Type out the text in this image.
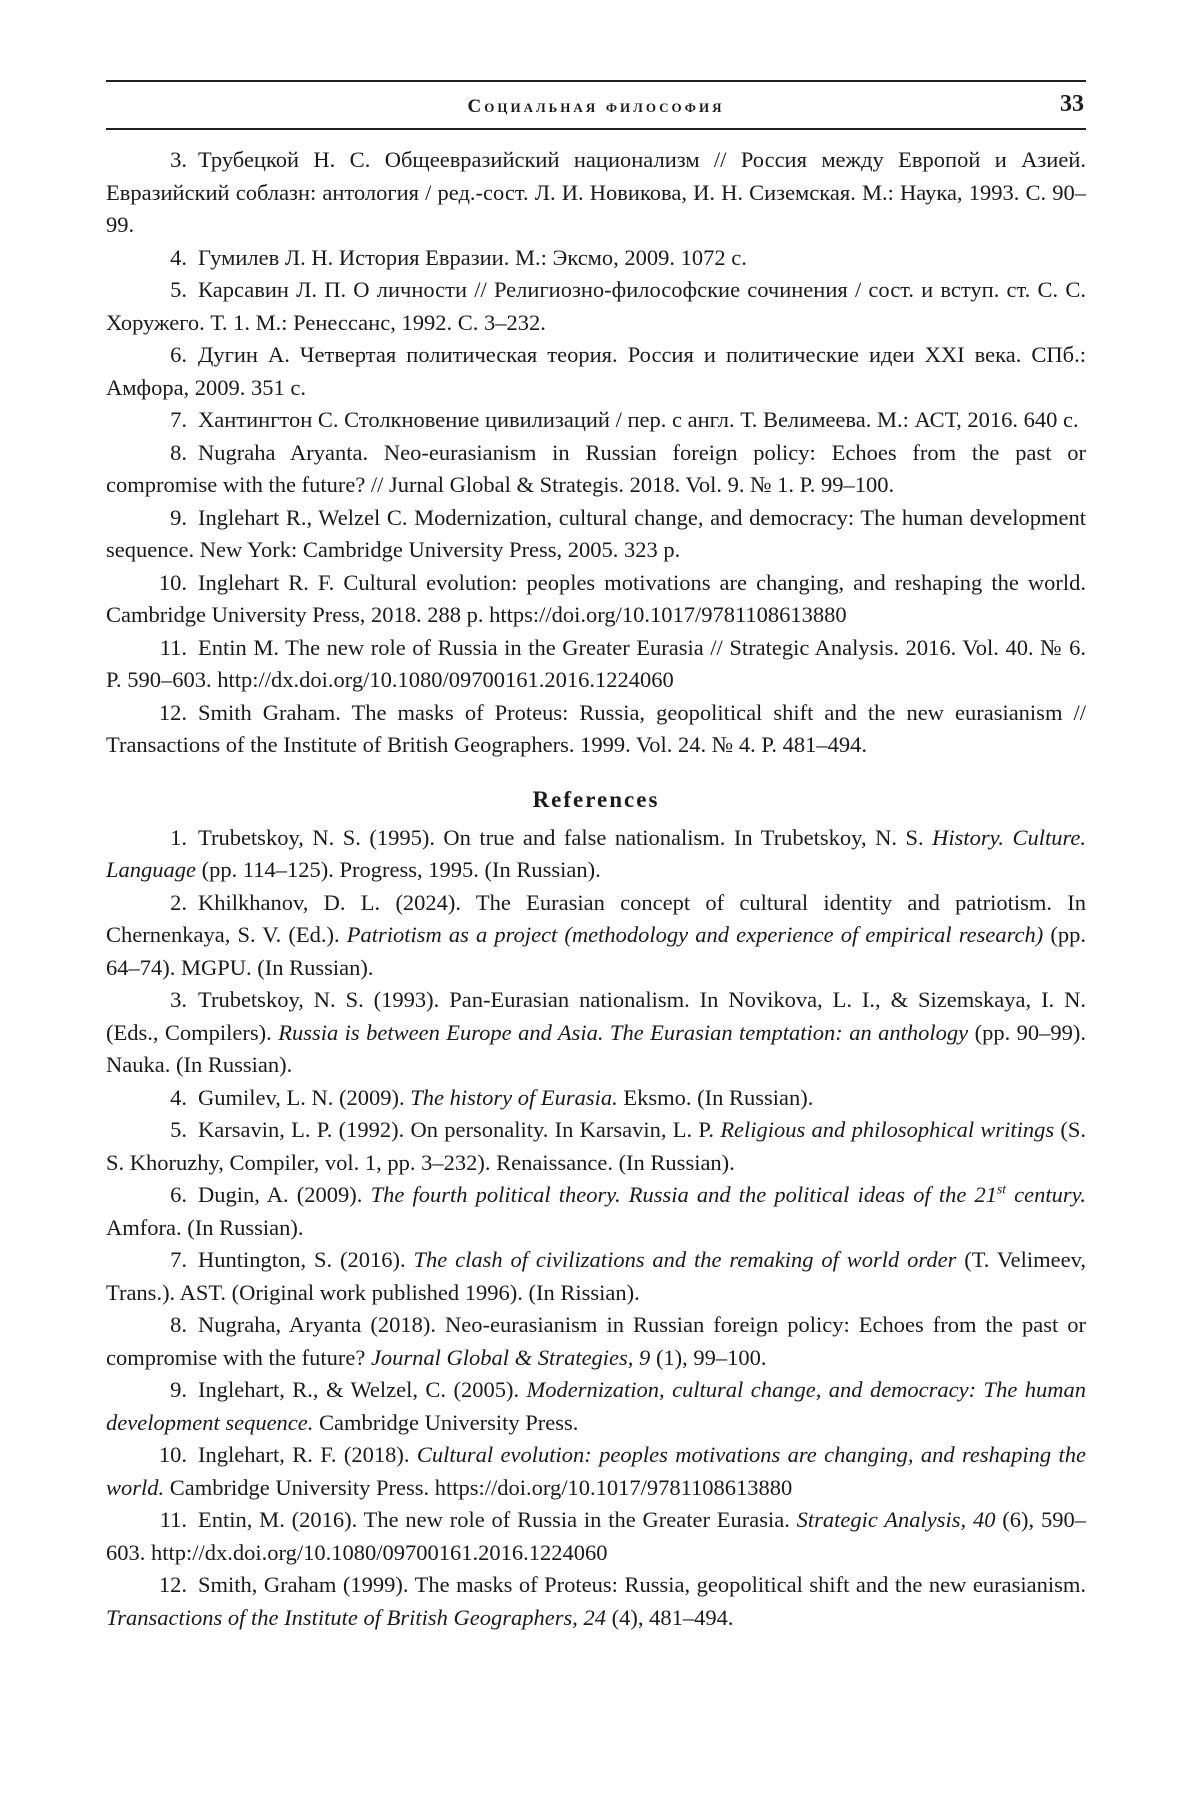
Социальная философия	33
3. Трубецкой Н. С. Общеевразийский национализм // Россия между Европой и Азией. Евразийский соблазн: антология / ред.-сост. Л. И. Новикова, И. Н. Сиземская. М.: Наука, 1993. С. 90–99.
4. Гумилев Л. Н. История Евразии. М.: Эксмо, 2009. 1072 с.
5. Карсавин Л. П. О личности // Религиозно-философские сочинения / сост. и вступ. ст. С. С. Хоружего. Т. 1. М.: Ренессанс, 1992. С. 3–232.
6. Дугин А. Четвертая политическая теория. Россия и политические идеи XXI века. СПб.: Амфора, 2009. 351 с.
7. Хантингтон С. Столкновение цивилизаций / пер. с англ. Т. Велимеева. М.: АСТ, 2016. 640 с.
8. Nugraha Aryanta. Neo-eurasianism in Russian foreign policy: Echoes from the past or compromise with the future? // Jurnal Global & Strategis. 2018. Vol. 9. № 1. P. 99–100.
9. Inglehart R., Welzel C. Modernization, cultural change, and democracy: The human development sequence. New York: Cambridge University Press, 2005. 323 p.
10. Inglehart R. F. Cultural evolution: peoples motivations are changing, and reshaping the world. Cambridge University Press, 2018. 288 p. https://doi.org/10.1017/9781108613880
11. Entin M. The new role of Russia in the Greater Eurasia // Strategic Analysis. 2016. Vol. 40. № 6. P. 590–603. http://dx.doi.org/10.1080/09700161.2016.1224060
12. Smith Graham. The masks of Proteus: Russia, geopolitical shift and the new eurasianism // Transactions of the Institute of British Geographers. 1999. Vol. 24. № 4. P. 481–494.
References
1. Trubetskoy, N. S. (1995). On true and false nationalism. In Trubetskoy, N. S. History. Culture. Language (pp. 114–125). Progress, 1995. (In Russian).
2. Khilkhanov, D. L. (2024). The Eurasian concept of cultural identity and patriotism. In Chernenkaya, S. V. (Ed.). Patriotism as a project (methodology and experience of empirical research) (pp. 64–74). MGPU. (In Russian).
3. Trubetskoy, N. S. (1993). Pan-Eurasian nationalism. In Novikova, L. I., & Sizemskaya, I. N. (Eds., Compilers). Russia is between Europe and Asia. The Eurasian temptation: an anthology (pp. 90–99). Nauka. (In Russian).
4. Gumilev, L. N. (2009). The history of Eurasia. Eksmo. (In Russian).
5. Karsavin, L. P. (1992). On personality. In Karsavin, L. P. Religious and philosophical writings (S. S. Khoruzhy, Compiler, vol. 1, pp. 3–232). Renaissance. (In Russian).
6. Dugin, A. (2009). The fourth political theory. Russia and the political ideas of the 21st century. Amfora. (In Russian).
7. Huntington, S. (2016). The clash of civilizations and the remaking of world order (T. Velimeev, Trans.). AST. (Original work published 1996). (In Rissian).
8. Nugraha, Aryanta (2018). Neo-eurasianism in Russian foreign policy: Echoes from the past or compromise with the future? Journal Global & Strategies, 9 (1), 99–100.
9. Inglehart, R., & Welzel, C. (2005). Modernization, cultural change, and democracy: The human development sequence. Cambridge University Press.
10. Inglehart, R. F. (2018). Cultural evolution: peoples motivations are changing, and reshaping the world. Cambridge University Press. https://doi.org/10.1017/9781108613880
11. Entin, M. (2016). The new role of Russia in the Greater Eurasia. Strategic Analysis, 40 (6), 590–603. http://dx.doi.org/10.1080/09700161.2016.1224060
12. Smith, Graham (1999). The masks of Proteus: Russia, geopolitical shift and the new eurasianism. Transactions of the Institute of British Geographers, 24 (4), 481–494.
